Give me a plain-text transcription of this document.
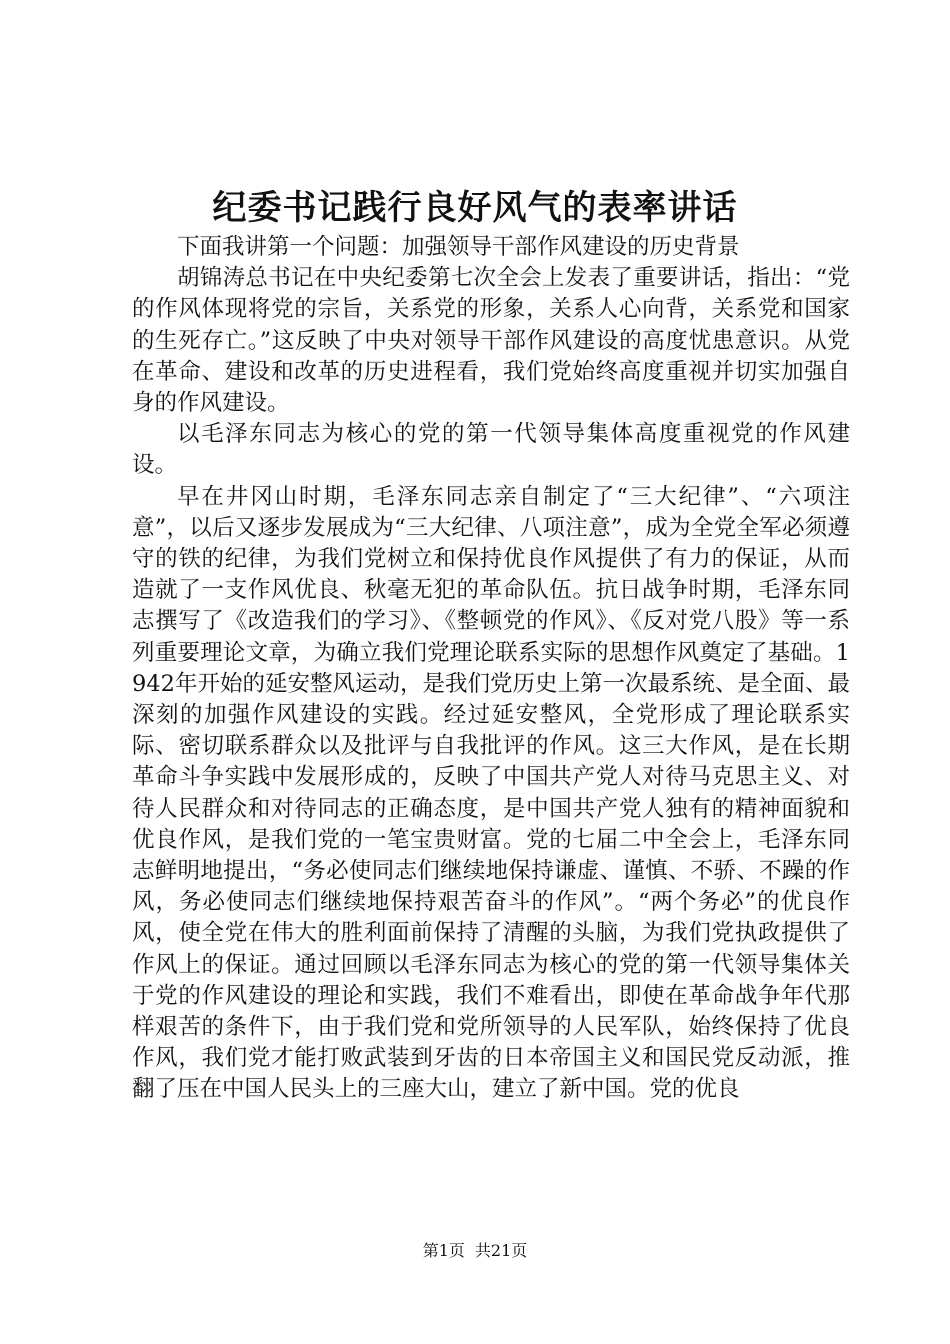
纪委书记践行良好风气的表率讲话

下面我讲第一个问题：加强领导干部作风建设的历史背景

胡锦涛总书记在中央纪委第七次全会上发表了重要讲话，指出：“党的作风体现将党的宗旨，关系党的形象，关系人心向背，关系党和国家的生死存亡。”这反映了中央对领导干部作风建设的高度忧患意识。从党在革命、建设和改革的历史进程看，我们党始终高度重视并切实加强自身的作风建设。

以毛泽东同志为核心的党的第一代领导集体高度重视党的作风建设。

早在井冈山时期，毛泽东同志亲自制定了“三大纪律”、“六项注意”，以后又逐步发展成为“三大纪律、八项注意”，成为全党全军必须遵守的铁的纪律，为我们党树立和保持优良作风提供了有力的保证，从而造就了一支作风优良、秋毫无犯的革命队伍。抗日战争时期，毛泽东同志撰写了《改造我们的学习》、《整顿党的作风》、《反对党八股》等一系列重要理论文章，为确立我们党理论联系实际的思想作风奠定了基础。1942年开始的延安整风运动，是我们党历史上第一次最系统、是全面、最深刻的加强作风建设的实践。经过延安整风，全党形成了理论联系实际、密切联系群众以及批评与自我批评的作风。这三大作风，是在长期革命斗争实践中发展形成的，反映了中国共产党人对待马克思主义、对待人民群众和对待同志的正确态度，是中国共产党人独有的精神面貌和优良作风，是我们党的一笔宝贵财富。党的七届二中全会上，毛泽东同志鲜明地提出，“务必使同志们继续地保持谦虚、谨慎、不骄、不躁的作风，务必使同志们继续地保持艰苦奋斗的作风”。“两个务必”的优良作风，使全党在伟大的胜利面前保持了清醒的头脑，为我们党执政提供了作风上的保证。通过回顾以毛泽东同志为核心的党的第一代领导集体关于党的作风建设的理论和实践，我们不难看出，即使在革命战争年代那样艰苦的条件下，由于我们党和党所领导的人民军队，始终保持了优良作风，我们党才能打败武装到牙齿的日本帝国主义和国民党反动派，推翻了压在中国人民头上的三座大山，建立了新中国。党的优良

第1页 共21页
